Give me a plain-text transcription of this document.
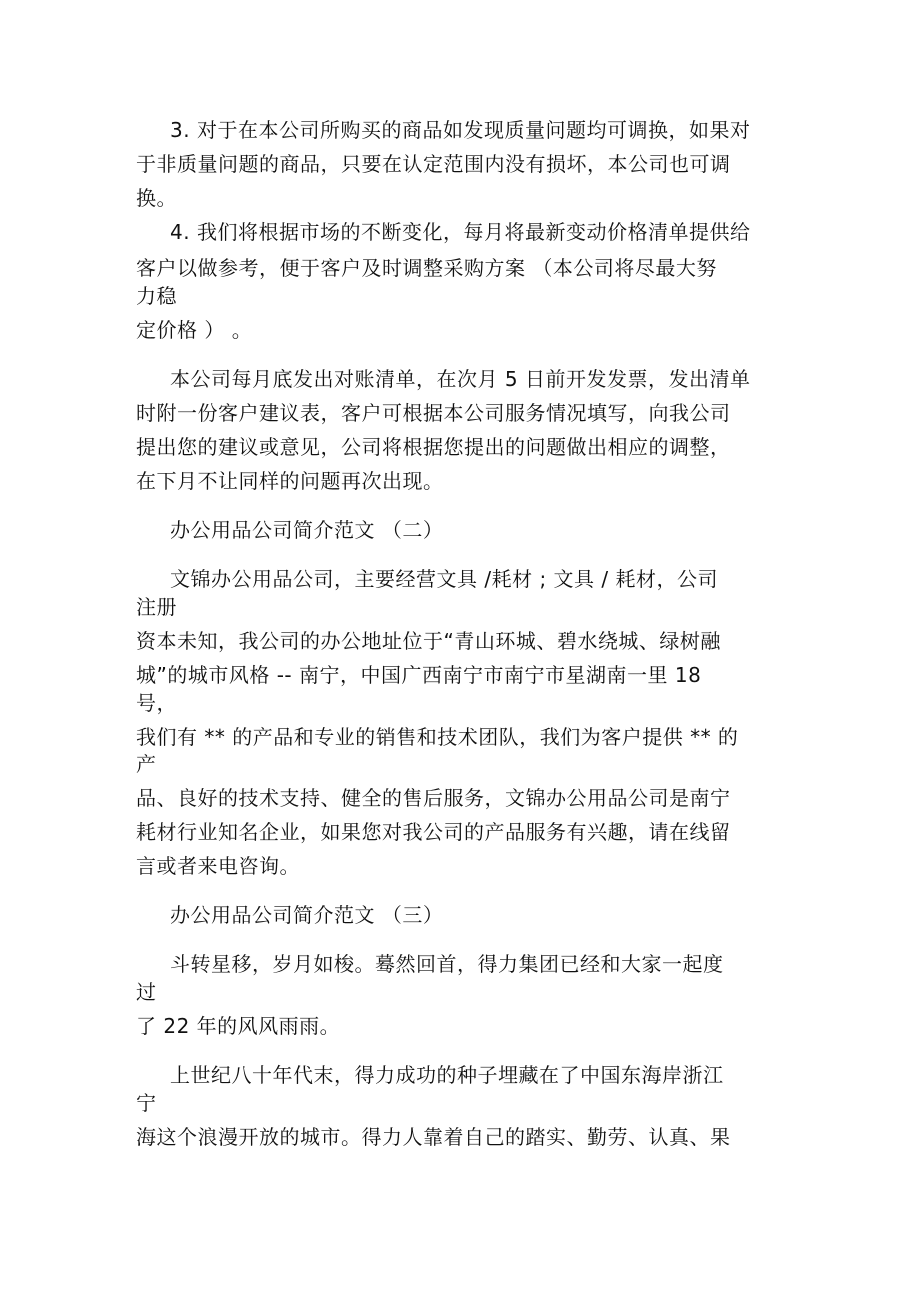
3. 对于在本公司所购买的商品如发现质量问题均可调换，如果对

于非质量问题的商品，只要在认定范围内没有损坏，本公司也可调

换。

4. 我们将根据市场的不断变化，每月将最新变动价格清单提供给

客户以做参考，便于客户及时调整采购方案 （本公司将尽最大努

力稳

定价格 ） 。

本公司每月底发出对账清单，在次月 5 日前开发发票，发出清单

时附一份客户建议表，客户可根据本公司服务情况填写，向我公司

提出您的建议或意见，公司将根据您提出的问题做出相应的调整，

在下月不让同样的问题再次出现。

办公用品公司简介范文 （二）

文锦办公用品公司，主要经营文具 /耗材 ; 文具 / 耗材，公司

注册

资本未知，我公司的办公地址位于“青山环城、碧水绕城、绿树融

城”的城市风格 -- 南宁，中国广西南宁市南宁市星湖南一里 18

号，

我们有 ** 的产品和专业的销售和技术团队，我们为客户提供 ** 的

产

品、良好的技术支持、健全的售后服务，文锦办公用品公司是南宁

耗材行业知名企业，如果您对我公司的产品服务有兴趣，请在线留

言或者来电咨询。

办公用品公司简介范文 （三）

斗转星移，岁月如梭。蓦然回首，得力集团已经和大家一起度

过

了 22 年的风风雨雨。

上世纪八十年代末，得力成功的种子埋藏在了中国东海岸浙江

宁

海这个浪漫开放的城市。得力人靠着自己的踏实、勤劳、认真、果
